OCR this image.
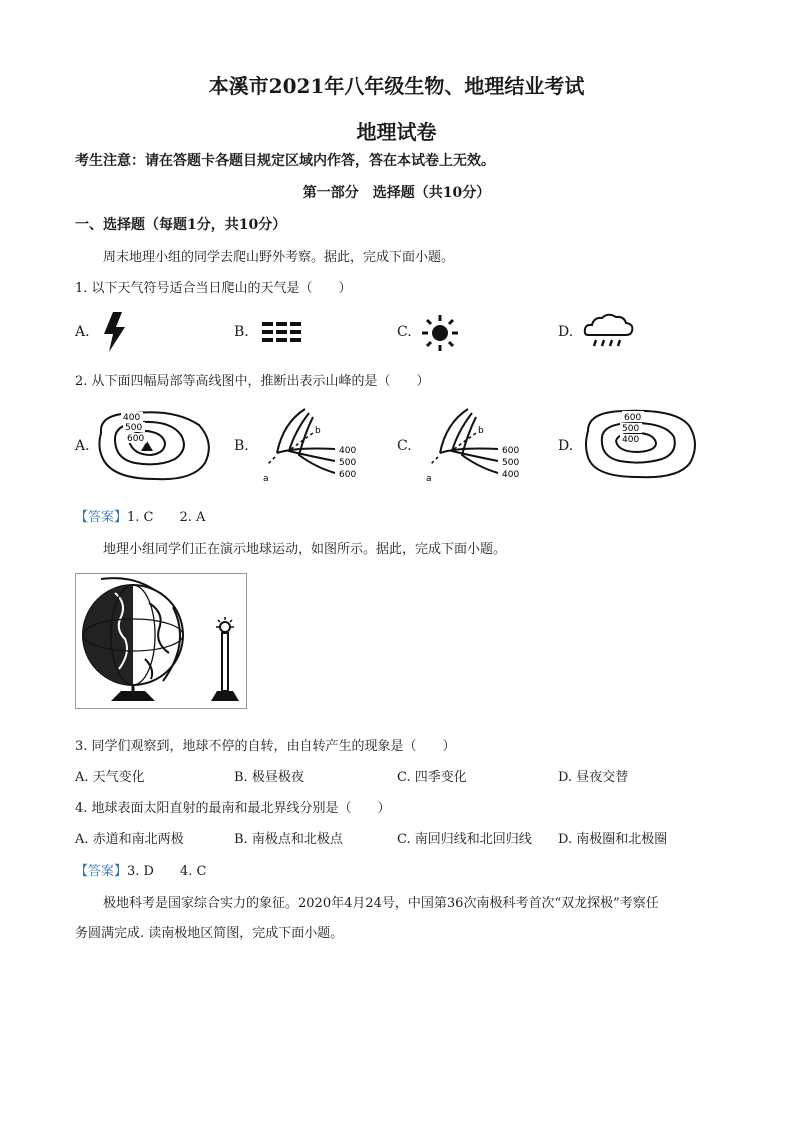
本溪市2021年八年级生物、地理结业考试
地理试卷
考生注意：请在答题卡各题目规定区域内作答，答在本试卷上无效。
第一部分　选择题（共10分）
一、选择题（每题1分，共10分）
周末地理小组的同学去爬山野外考察。据此，完成下面小题。
1. 以下天气符号适合当日爬山的天气是（　　）
A.	B.	C.	D.
2. 从下面四幅局部等高线图中，推断出表示山峰的是（　　）
A.
400
500
600	B.
b
400
500
600
a
C.
b
600
500
400
a
D.
600
500
400
【答案】1. C　　2. A
地理小组同学们正在演示地球运动，如图所示。据此，完成下面小题。
3. 同学们观察到，地球不停的自转，由自转产生的现象是（　　）
A. 天气变化	B. 极昼极夜	C. 四季变化	D. 昼夜交替
4. 地球表面太阳直射的最南和最北界线分别是（　　）
A. 赤道和南北两极	B. 南极点和北极点	C. 南回归线和北回归线 D. 南极圈和北极圈
【答案】3. D　　4. C
极地科考是国家综合实力的象征。2020年4月24号，中国第36次南极科考首次“双龙探极”考察任
务圆满完成. 读南极地区简图，完成下面小题。
